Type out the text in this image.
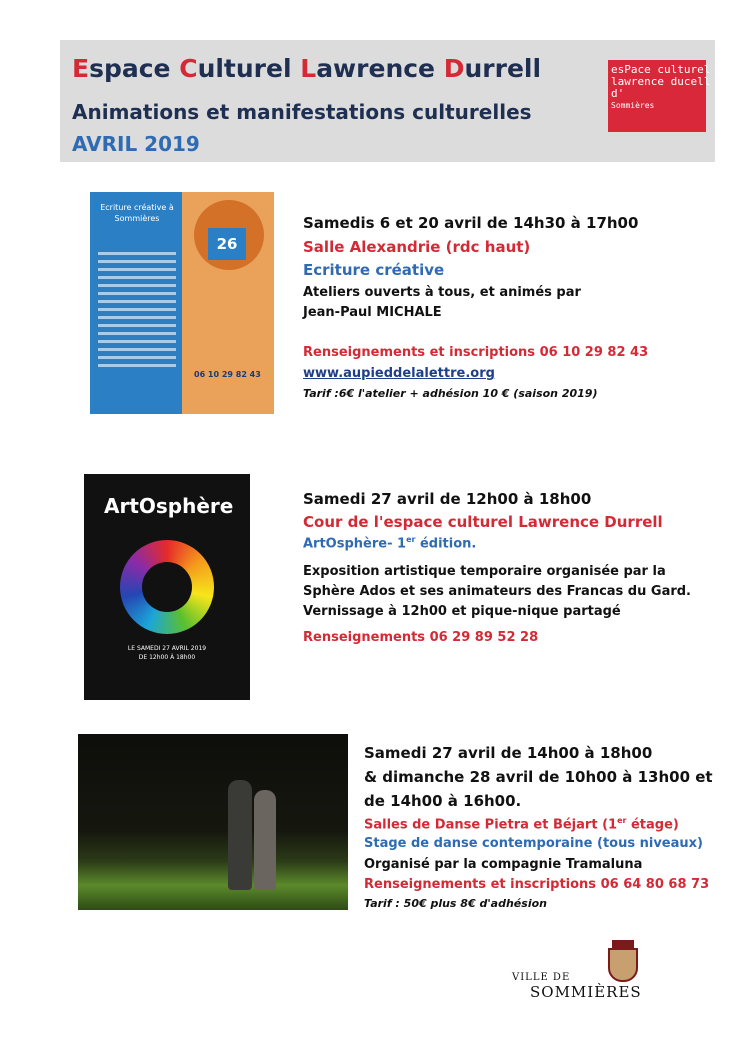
Espace Culturel Lawrence Durrell
Animations et manifestations culturelles
AVRIL 2019
esPace culturel
lawrence ducell
d'
Sommières
26
Ecriture créative à Sommières
06 10 29 82 43
Samedis 6 et 20 avril de 14h30 à 17h00
Salle Alexandrie (rdc haut)
Ecriture créative
Ateliers ouverts à tous, et animés par
Jean-Paul MICHALE
Renseignements et inscriptions 06 10 29 82 43
www.aupieddelalettre.org
Tarif :6€ l'atelier + adhésion 10 € (saison 2019)
ArtOsphère
LE SAMEDI 27 AVRIL 2019
DE 12h00 À 18h00
Samedi 27 avril de 12h00 à 18h00
Cour de l'espace culturel Lawrence Durrell
ArtOsphère- 1er édition.
Exposition artistique temporaire organisée par la
Sphère Ados et ses animateurs des Francas du Gard.
Vernissage à 12h00 et pique-nique partagé
Renseignements 06 29 89 52 28
Samedi 27 avril de 14h00 à 18h00
& dimanche 28 avril de 10h00 à 13h00 et
de 14h00 à 16h00.
Salles de Danse Pietra et Béjart (1er étage)
Stage de danse contemporaine (tous niveaux)
Organisé par la compagnie Tramaluna
Renseignements et inscriptions 06 64 80 68 73
Tarif : 50€ plus 8€ d'adhésion
VILLE DE
SOMMIÈRES
